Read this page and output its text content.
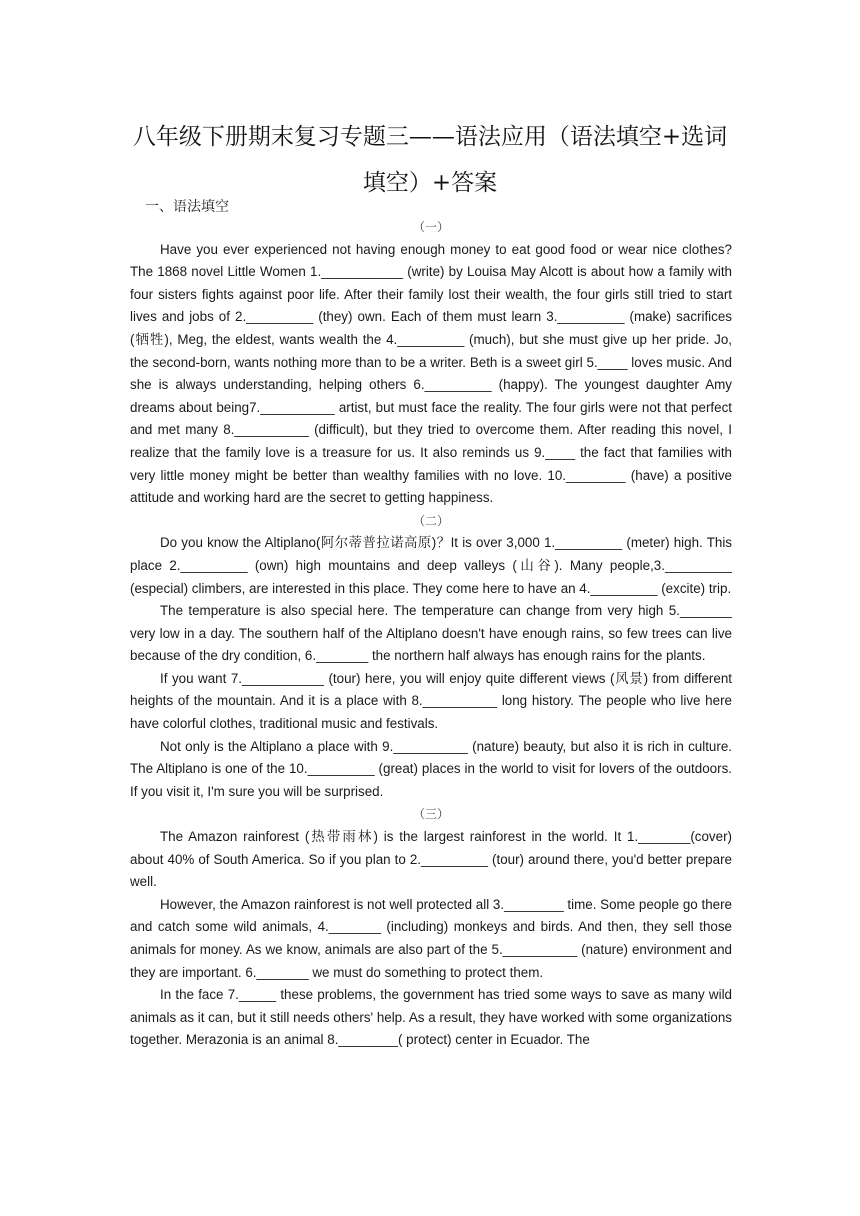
八年级下册期末复习专题三——语法应用（语法填空+选词
填空）+答案
一、语法填空
（一）

Have you ever experienced not having enough money to eat good food or wear nice clothes? The 1868 novel Little Women 1.___________ (write) by Louisa May Alcott is about how a family with four sisters fights against poor life. After their family lost their wealth, the four girls still tried to start lives and jobs of 2._________ (they) own. Each of them must learn 3._________ (make) sacrifices (牺牲), Meg, the eldest, wants wealth the 4._________ (much), but she must give up her pride. Jo, the second-born, wants nothing more than to be a writer. Beth is a sweet girl 5.____ loves music. And she is always understanding, helping others 6._________ (happy). The youngest daughter Amy dreams about being7.__________ artist, but must face the reality. The four girls were not that perfect and met many 8.__________ (difficult), but they tried to overcome them. After reading this novel, I realize that the family love is a treasure for us. It also reminds us 9.____ the fact that families with very little money might be better than wealthy families with no love. 10.________ (have) a positive attitude and working hard are the secret to getting happiness.

（二）

Do you know the Altiplano(阿尔蒂普拉诺高原)？It is over 3,000 1._________ (meter) high. This place 2._________ (own) high mountains and deep valleys (山谷). Many people,3._________ (especial) climbers, are interested in this place. They come here to have an 4._________ (excite) trip.

The temperature is also special here. The temperature can change from very high 5._______ very low in a day. The southern half of the Altiplano doesn't have enough rains, so few trees can live because of the dry condition, 6._______ the northern half always has enough rains for the plants.

If you want 7.___________ (tour) here, you will enjoy quite different views (风景) from different heights of the mountain. And it is a place with 8.__________ long history. The people who live here have colorful clothes, traditional music and festivals.

Not only is the Altiplano a place with 9.__________ (nature) beauty, but also it is rich in culture. The Altiplano is one of the 10._________ (great) places in the world to visit for lovers of the outdoors. If you visit it, I'm sure you will be surprised.

（三）

The Amazon rainforest (热带雨林) is the largest rainforest in the world. It 1._______(cover) about 40% of South America. So if you plan to 2._________ (tour) around there, you'd better prepare well.

However, the Amazon rainforest is not well protected all 3.________ time. Some people go there and catch some wild animals, 4._______ (including) monkeys and birds. And then, they sell those animals for money. As we know, animals are also part of the 5.__________ (nature) environment and they are important. 6._______ we must do something to protect them.

In the face 7._____ these problems, the government has tried some ways to save as many wild animals as it can, but it still needs others' help. As a result, they have worked with some organizations together. Merazonia is an animal 8.________( protect) center in Ecuador. The
